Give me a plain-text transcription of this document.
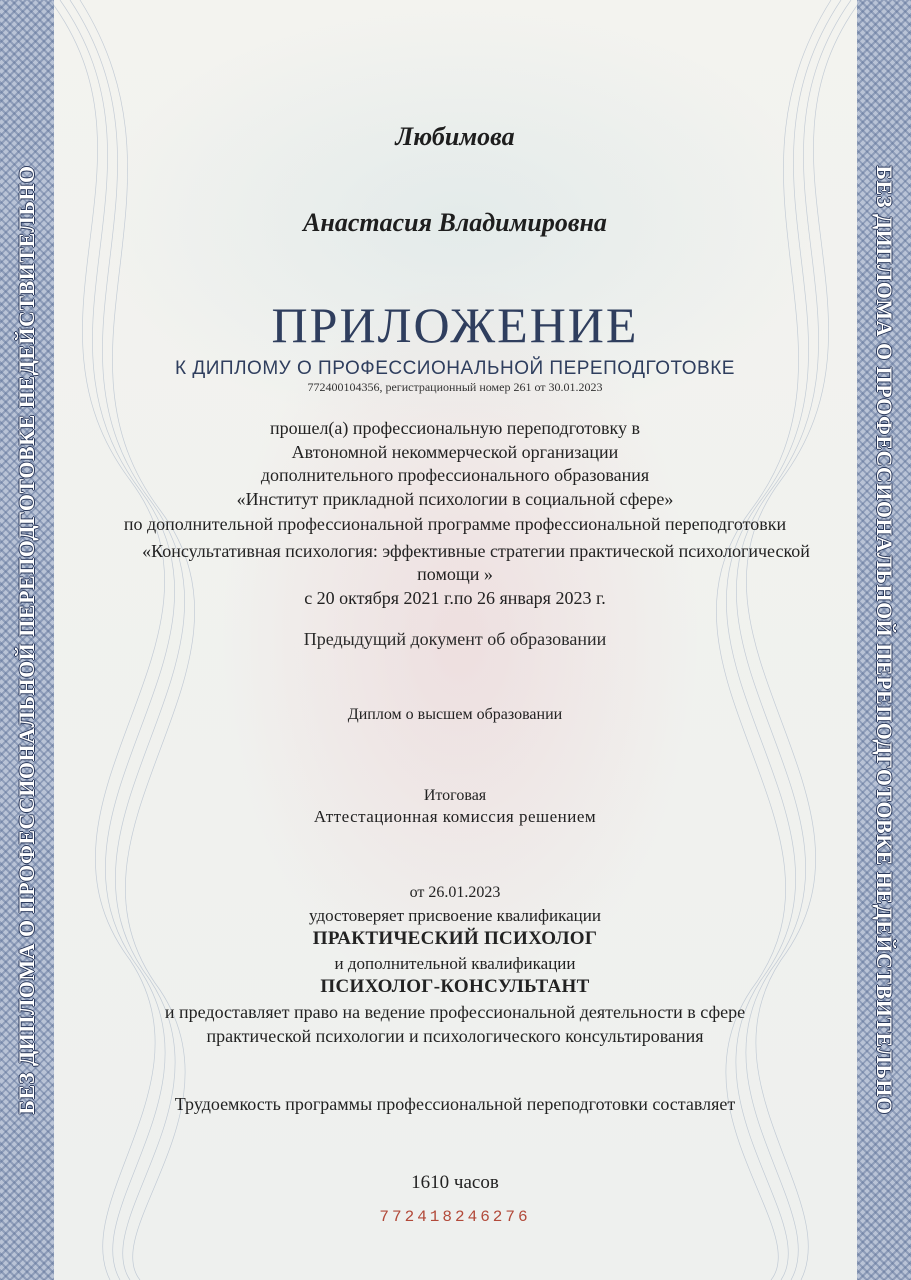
БЕЗ ДИПЛОМА О ПРОФЕССИОНАЛЬНОЙ ПЕРЕПОДГОТОВКЕ НЕДЕЙСТВИТЕЛЬНО	БЕЗ ДИПЛОМА О ПРОФЕССИОНАЛЬНОЙ ПЕРЕПОДГОТОВКЕ НЕДЕЙСТВИТЕЛЬНО
Любимова
Анастасия Владимировна
ПРИЛОЖЕНИЕ
К ДИПЛОМУ О ПРОФЕССИОНАЛЬНОЙ ПЕРЕПОДГОТОВКЕ
772400104356, регистрационный номер 261 от 30.01.2023
прошел(а) профессиональную переподготовку в
Автономной некоммерческой организации
дополнительного профессионального образования
«Институт прикладной психологии в социальной сфере»
по дополнительной профессиональной программе профессиональной переподготовки
«Консультативная психология: эффективные стратегии практической психологической
помощи »
с 20 октября 2021 г.по 26 января 2023 г.
Предыдущий документ об образовании
Диплом о высшем образовании
Итоговая
Аттестационная комиссия решением
от 26.01.2023
удостоверяет присвоение квалификации
ПРАКТИЧЕСКИЙ ПСИХОЛОГ
и дополнительной квалификации
ПСИХОЛОГ-КОНСУЛЬТАНТ
и предоставляет право на ведение профессиональной деятельности в сфере
практической психологии и психологического консультирования
Трудоемкость программы профессиональной переподготовки составляет
1610 часов
772418246276
